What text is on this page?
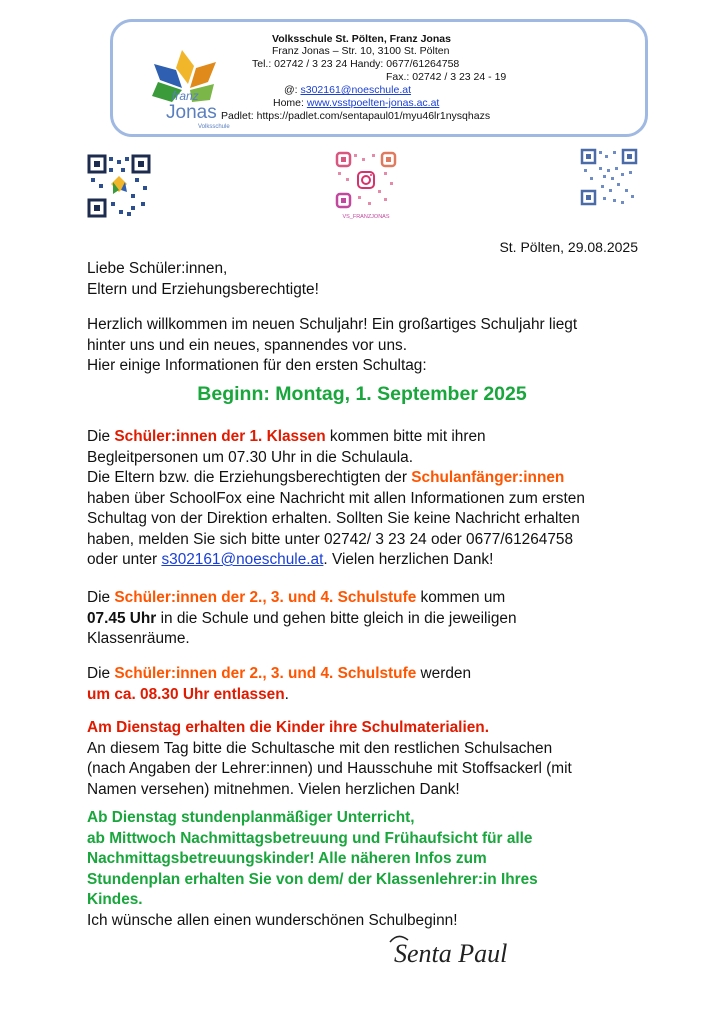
franz
Jonas
Volksschule
Volksschule St. Pölten, Franz Jonas
Franz Jonas – Str. 10, 3100 St. Pölten
Tel.: 02742 / 3 23 24 Handy: 0677/61264758
Fax.: 02742 / 3 23 24 - 19
@: s302161@noeschule.at
Home: www.vsstpoelten-jonas.ac.at
Padlet: https://padlet.com/sentapaul01/myu46lr1nysqhazs
VS_FRANZJONAS
St. Pölten, 29.08.2025
Liebe Schüler:innen,
Eltern und Erziehungsberechtigte!
Herzlich willkommen im neuen Schuljahr! Ein großartiges Schuljahr liegt
hinter uns und ein neues, spannendes vor uns.
Hier einige Informationen für den ersten Schultag:
Beginn: Montag, 1. September 2025
Die Schüler:innen der 1. Klassen kommen bitte mit ihren
Begleitpersonen um 07.30 Uhr in die Schulaula.
Die Eltern bzw. die Erziehungsberechtigten der Schulanfänger:innen
haben über SchoolFox eine Nachricht mit allen Informationen zum ersten
Schultag von der Direktion erhalten. Sollten Sie keine Nachricht erhalten
haben, melden Sie sich bitte unter 02742/ 3 23 24 oder 0677/61264758
oder unter s302161@noeschule.at. Vielen herzlichen Dank!
Die Schüler:innen der 2., 3. und 4. Schulstufe kommen um
07.45 Uhr in die Schule und gehen bitte gleich in die jeweiligen
Klassenräume.
Die Schüler:innen der 2., 3. und 4. Schulstufe werden
um ca. 08.30 Uhr entlassen.
Am Dienstag erhalten die Kinder ihre Schulmaterialien.
An diesem Tag bitte die Schultasche mit den restlichen Schulsachen
(nach Angaben der Lehrer:innen) und Hausschuhe mit Stoffsackerl (mit
Namen versehen) mitnehmen. Vielen herzlichen Dank!
Ab Dienstag stundenplanmäßiger Unterricht,
ab Mittwoch Nachmittagsbetreuung und Frühaufsicht für alle
Nachmittagsbetreuungskinder! Alle näheren Infos zum
Stundenplan erhalten Sie von dem/ der Klassenlehrer:in Ihres
Kindes.
Ich wünsche allen einen wunderschönen Schulbeginn!
Senta Paul
